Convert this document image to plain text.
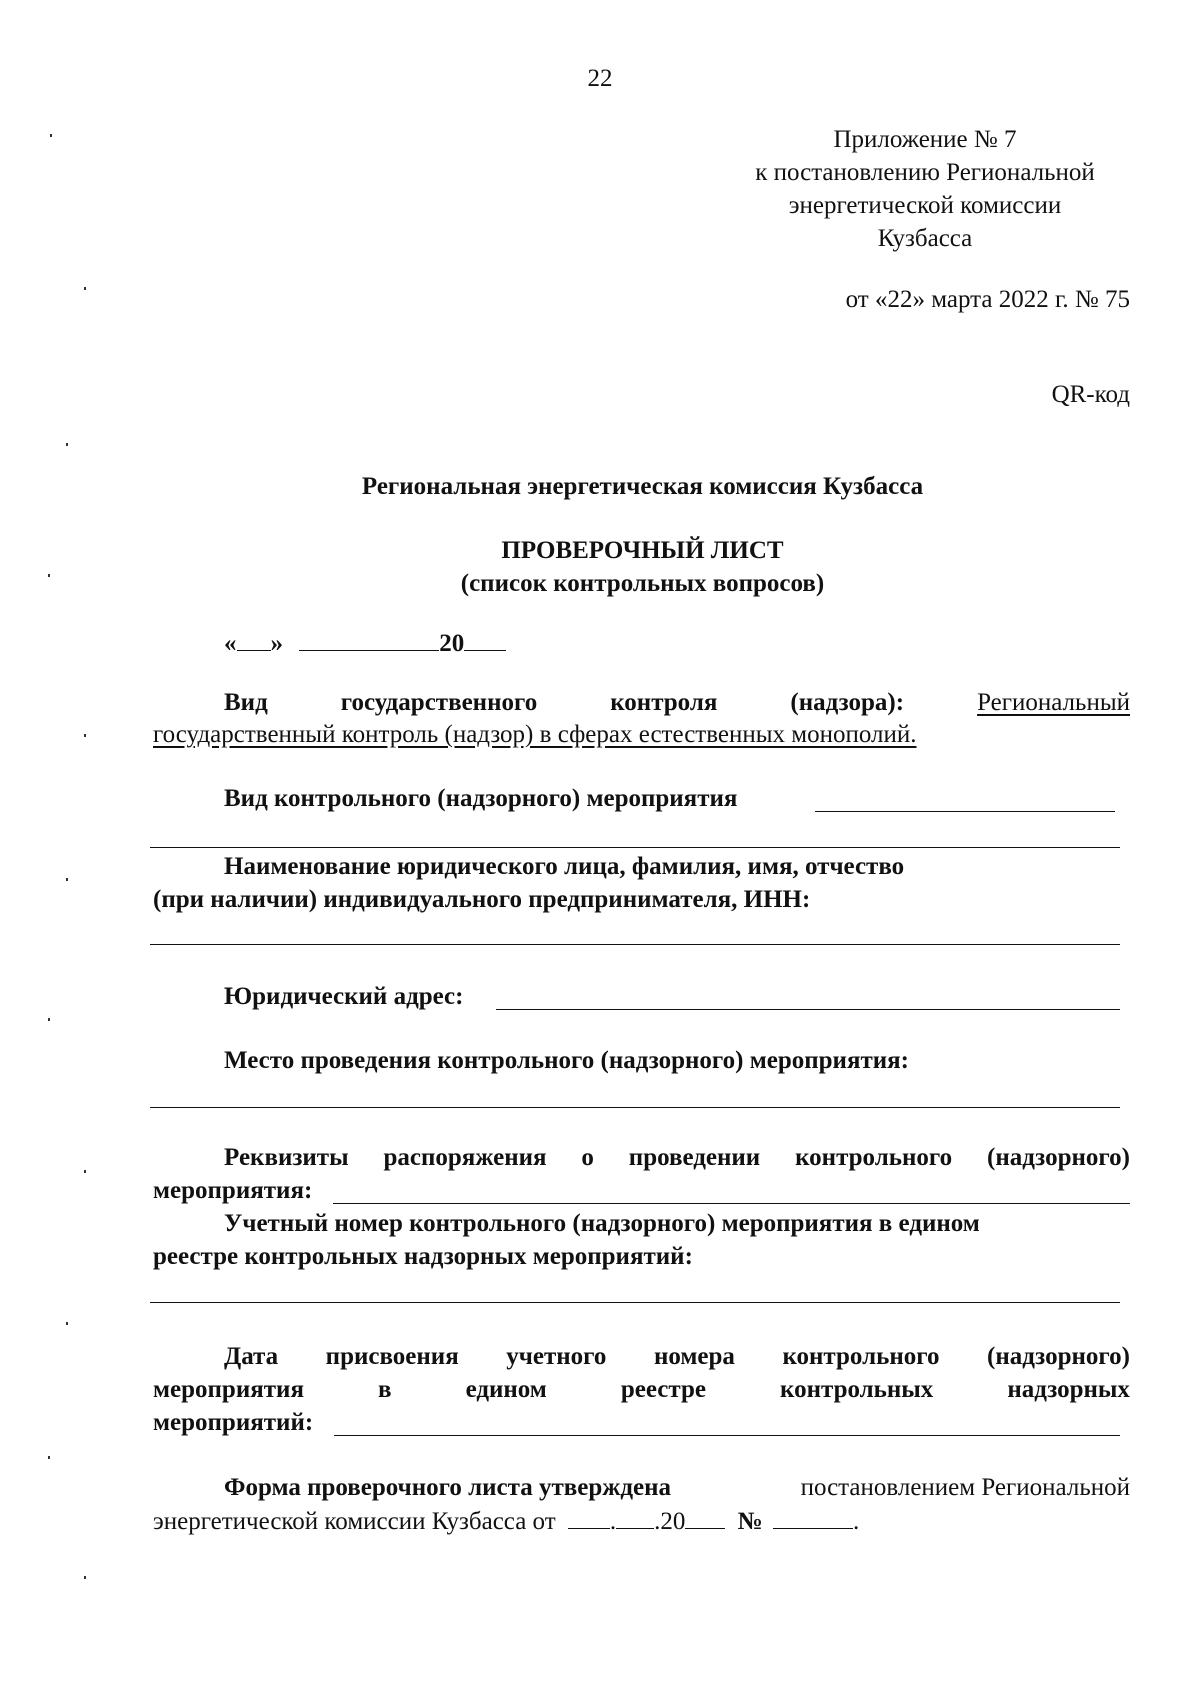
22
Приложение № 7
к постановлению Региональной
энергетической комиссии
Кузбасса
от «22» марта 2022 г. № 75
QR-код
Региональная энергетическая комиссия Кузбасса
ПРОВЕРОЧНЫЙ ЛИСТ
(список контрольных вопросов)
« »	20
Вид	государственного	контроля	(надзора):	Региональный
государственный контроль (надзор) в сферах естественных монополий.
Вид контрольного (надзорного) мероприятия
Наименование юридического лица, фамилия, имя, отчество
(при наличии) индивидуального предпринимателя, ИНН:
Юридический адрес:
Место проведения контрольного (надзорного) мероприятия:
Реквизиты распоряжения о проведении контрольного (надзорного)
мероприятия:
Учетный номер контрольного (надзорного) мероприятия в едином
реестре контрольных надзорных мероприятий:
Дата присвоения учетного номера контрольного (надзорного)
мероприятия	в	едином	реестре	контрольных	надзорных
мероприятий:
Форма проверочного листа утверждена	постановлением Региональной
энергетической комиссии Кузбасса от . .20 №	.
